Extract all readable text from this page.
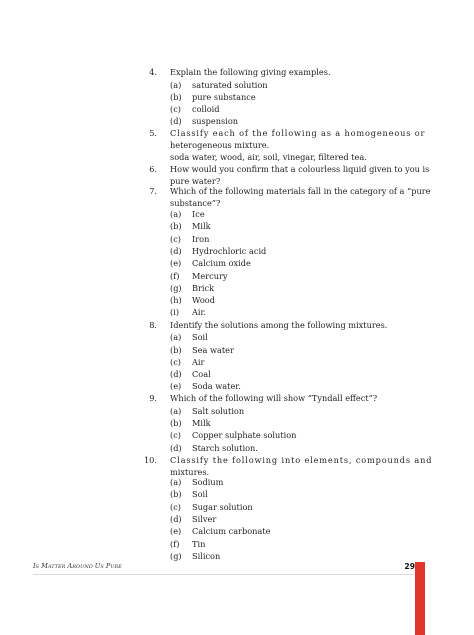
4. Explain the following giving examples.
(a)	saturated solution
(b)	pure substance
(c)	colloid
(d)	suspension
5. Classify each of the following as a homogeneous or
heterogeneous mixture.
soda water, wood, air, soil, vinegar, filtered tea.
6. How would you confirm that a colourless liquid given to you is
pure water?
7. Which of the following materials fall in the category of a “pure
substance”?
(a)	Ice
(b)	Milk
(c)	Iron
(d)	Hydrochloric acid
(e)	Calcium oxide
(f)	Mercury
(g)	Brick
(h)	Wood
(i)	Air.
8. Identify the solutions among the following mixtures.
(a)	Soil
(b)	Sea water
(c)	Air
(d)	Coal
(e)	Soda water.
9. Which of the following will show “Tyndall effect”?
(a)	Salt solution
(b)	Milk
(c)	Copper sulphate solution
(d)	Starch solution.
10. Classify the following into elements, compounds and
mixtures.
(a)	Sodium
(b)	Soil
(c)	Sugar solution
(d)	Silver
(e)	Calcium carbonate
(f)	Tin
(g)	Silicon
Is Matter Around Us Pure	29
